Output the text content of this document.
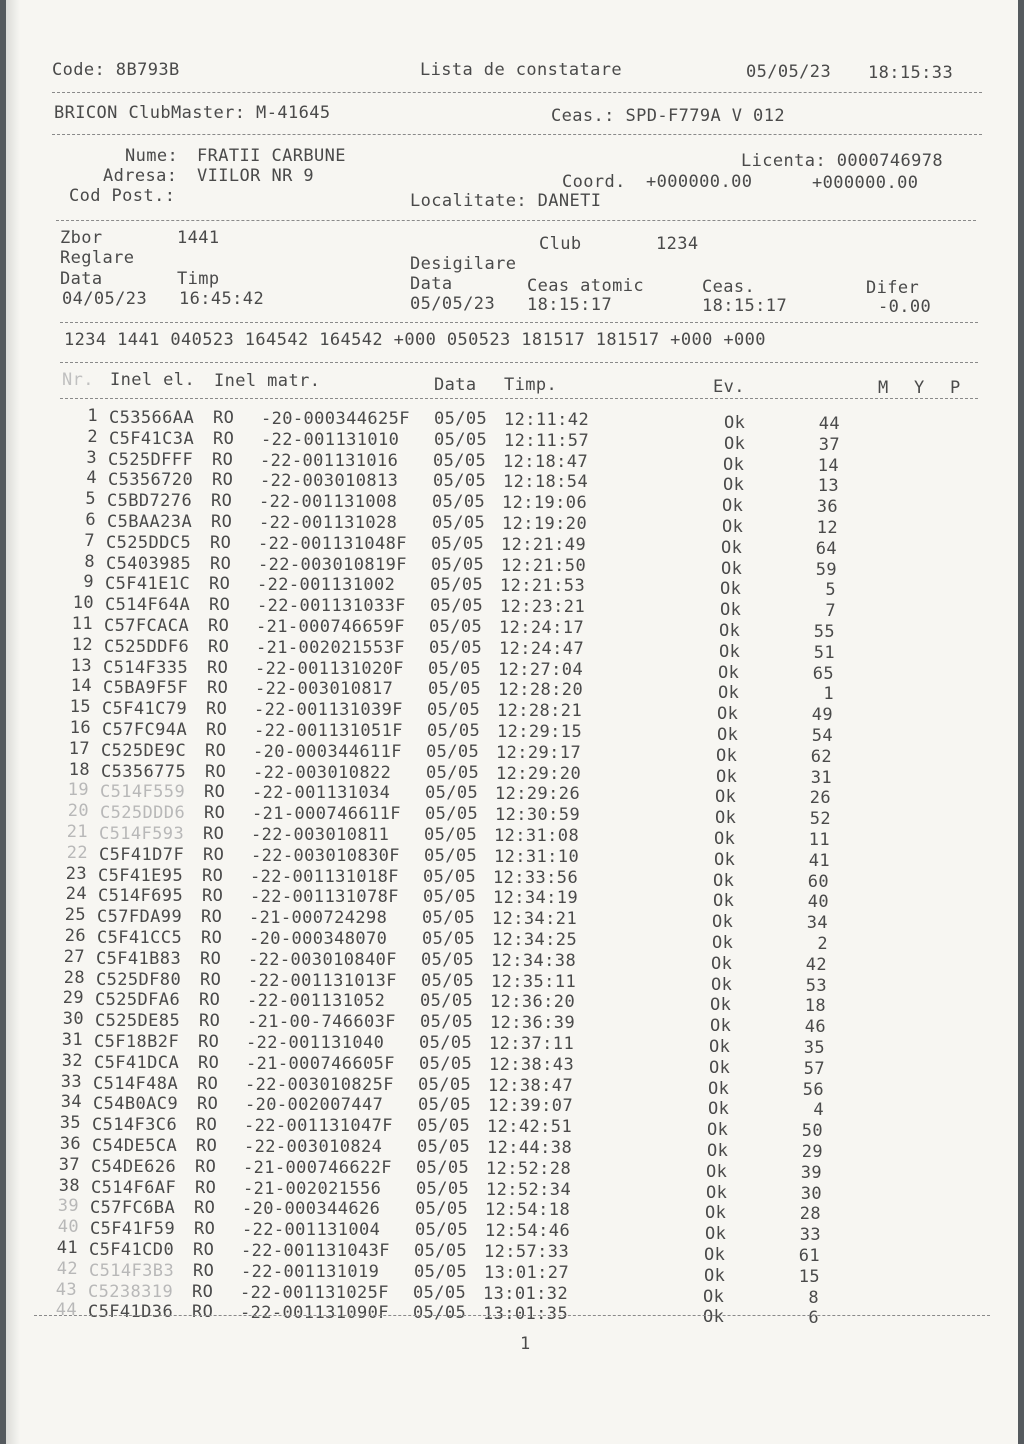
Code: 8B793B	Lista de constatare	05/05/23 18:15:33
BRICON ClubMaster: M-41645	Ceas.: SPD-F779A V 012
Nume: FRATII CARBUNE
Adresa: VIILOR NR 9
Cod Post.:
Licenta: 0000746978
Coord. +000000.00	+000000.00
Localitate: DANETI
Zbor	1441	Club	1234
Reglare	Desigilare
Data	Timp	Data	Ceas atomic	Ceas.	Difer
04/05/23 16:45:42	05/05/23 18:15:17	18:15:17	-0.00
1234 1441 040523 164542 164542 +000 050523 181517 181517 +000 +000
Nr. Inel el. Inel matr.	Data Timp.	Ev.	M Y P
1 C53566AA RO -20-000344625F 05/05 12:11:42	Ok	44
2 C5F41C3A RO -22-001131010 05/05 12:11:57	Ok	37
3 C525DFFF RO -22-001131016 05/05 12:18:47	Ok	14
4 C5356720 RO -22-003010813 05/05 12:18:54	Ok	13
5 C5BD7276 RO -22-001131008 05/05 12:19:06	Ok	36
6 C5BAA23A RO -22-001131028 05/05 12:19:20	Ok	12
7 C525DDC5 RO -22-001131048F 05/05 12:21:49	Ok	64
8 C5403985 RO -22-003010819F 05/05 12:21:50	Ok	59
9 C5F41E1C RO -22-001131002 05/05 12:21:53	Ok	5
10 C514F64A RO -22-001131033F 05/05 12:23:21	Ok	7
11 C57FCACA RO -21-000746659F 05/05 12:24:17	Ok	55
12 C525DDF6 RO -21-002021553F 05/05 12:24:47	Ok	51
13 C514F335 RO -22-001131020F 05/05 12:27:04	Ok	65
14 C5BA9F5F RO -22-003010817 05/05 12:28:20	Ok	1
15 C5F41C79 RO -22-001131039F 05/05 12:28:21	Ok	49
16 C57FC94A RO -22-001131051F 05/05 12:29:15	Ok	54
17 C525DE9C RO -20-000344611F 05/05 12:29:17	Ok	62
18 C5356775 RO -22-003010822 05/05 12:29:20	Ok	31
19 C514F559 RO -22-001131034 05/05 12:29:26	Ok	26
20 C525DDD6 RO -21-000746611F 05/05 12:30:59	Ok	52
21 C514F593 RO -22-003010811 05/05 12:31:08	Ok	11
22 C5F41D7F RO -22-003010830F 05/05 12:31:10	Ok	41
23 C5F41E95 RO -22-001131018F 05/05 12:33:56	Ok	60
24 C514F695 RO -22-001131078F 05/05 12:34:19	Ok	40
25 C57FDA99 RO -21-000724298 05/05 12:34:21	Ok	34
26 C5F41CC5 RO -20-000348070 05/05 12:34:25	Ok	2
27 C5F41B83 RO -22-003010840F 05/05 12:34:38	Ok	42
28 C525DF80 RO -22-001131013F 05/05 12:35:11	Ok	53
29 C525DFA6 RO -22-001131052 05/05 12:36:20	Ok	18
30 C525DE85 RO -21-00-746603F 05/05 12:36:39	Ok	46
31 C5F18B2F RO -22-001131040 05/05 12:37:11	Ok	35
32 C5F41DCA RO -21-000746605F 05/05 12:38:43	Ok	57
33 C514F48A RO -22-003010825F 05/05 12:38:47	Ok	56
34 C54B0AC9 RO -20-002007447 05/05 12:39:07	Ok	4
35 C514F3C6 RO -22-001131047F 05/05 12:42:51	Ok	50
36 C54DE5CA RO -22-003010824 05/05 12:44:38	Ok	29
37 C54DE626 RO -21-000746622F 05/05 12:52:28	Ok	39
38 C514F6AF RO -21-002021556 05/05 12:52:34	Ok	30
39 C57FC6BA RO -20-000344626 05/05 12:54:18	Ok	28
40 C5F41F59 RO -22-001131004 05/05 12:54:46	Ok	33
41 C5F41CD0 RO -22-001131043F 05/05 12:57:33	Ok	61
42 C514F3B3 RO -22-001131019 05/05 13:01:27	Ok	15
43 C5238319 RO -22-001131025F 05/05 13:01:32	Ok	8
44 C5F41D36 RO -22-001131090F 05/05 13:01:35	Ok	6
1
